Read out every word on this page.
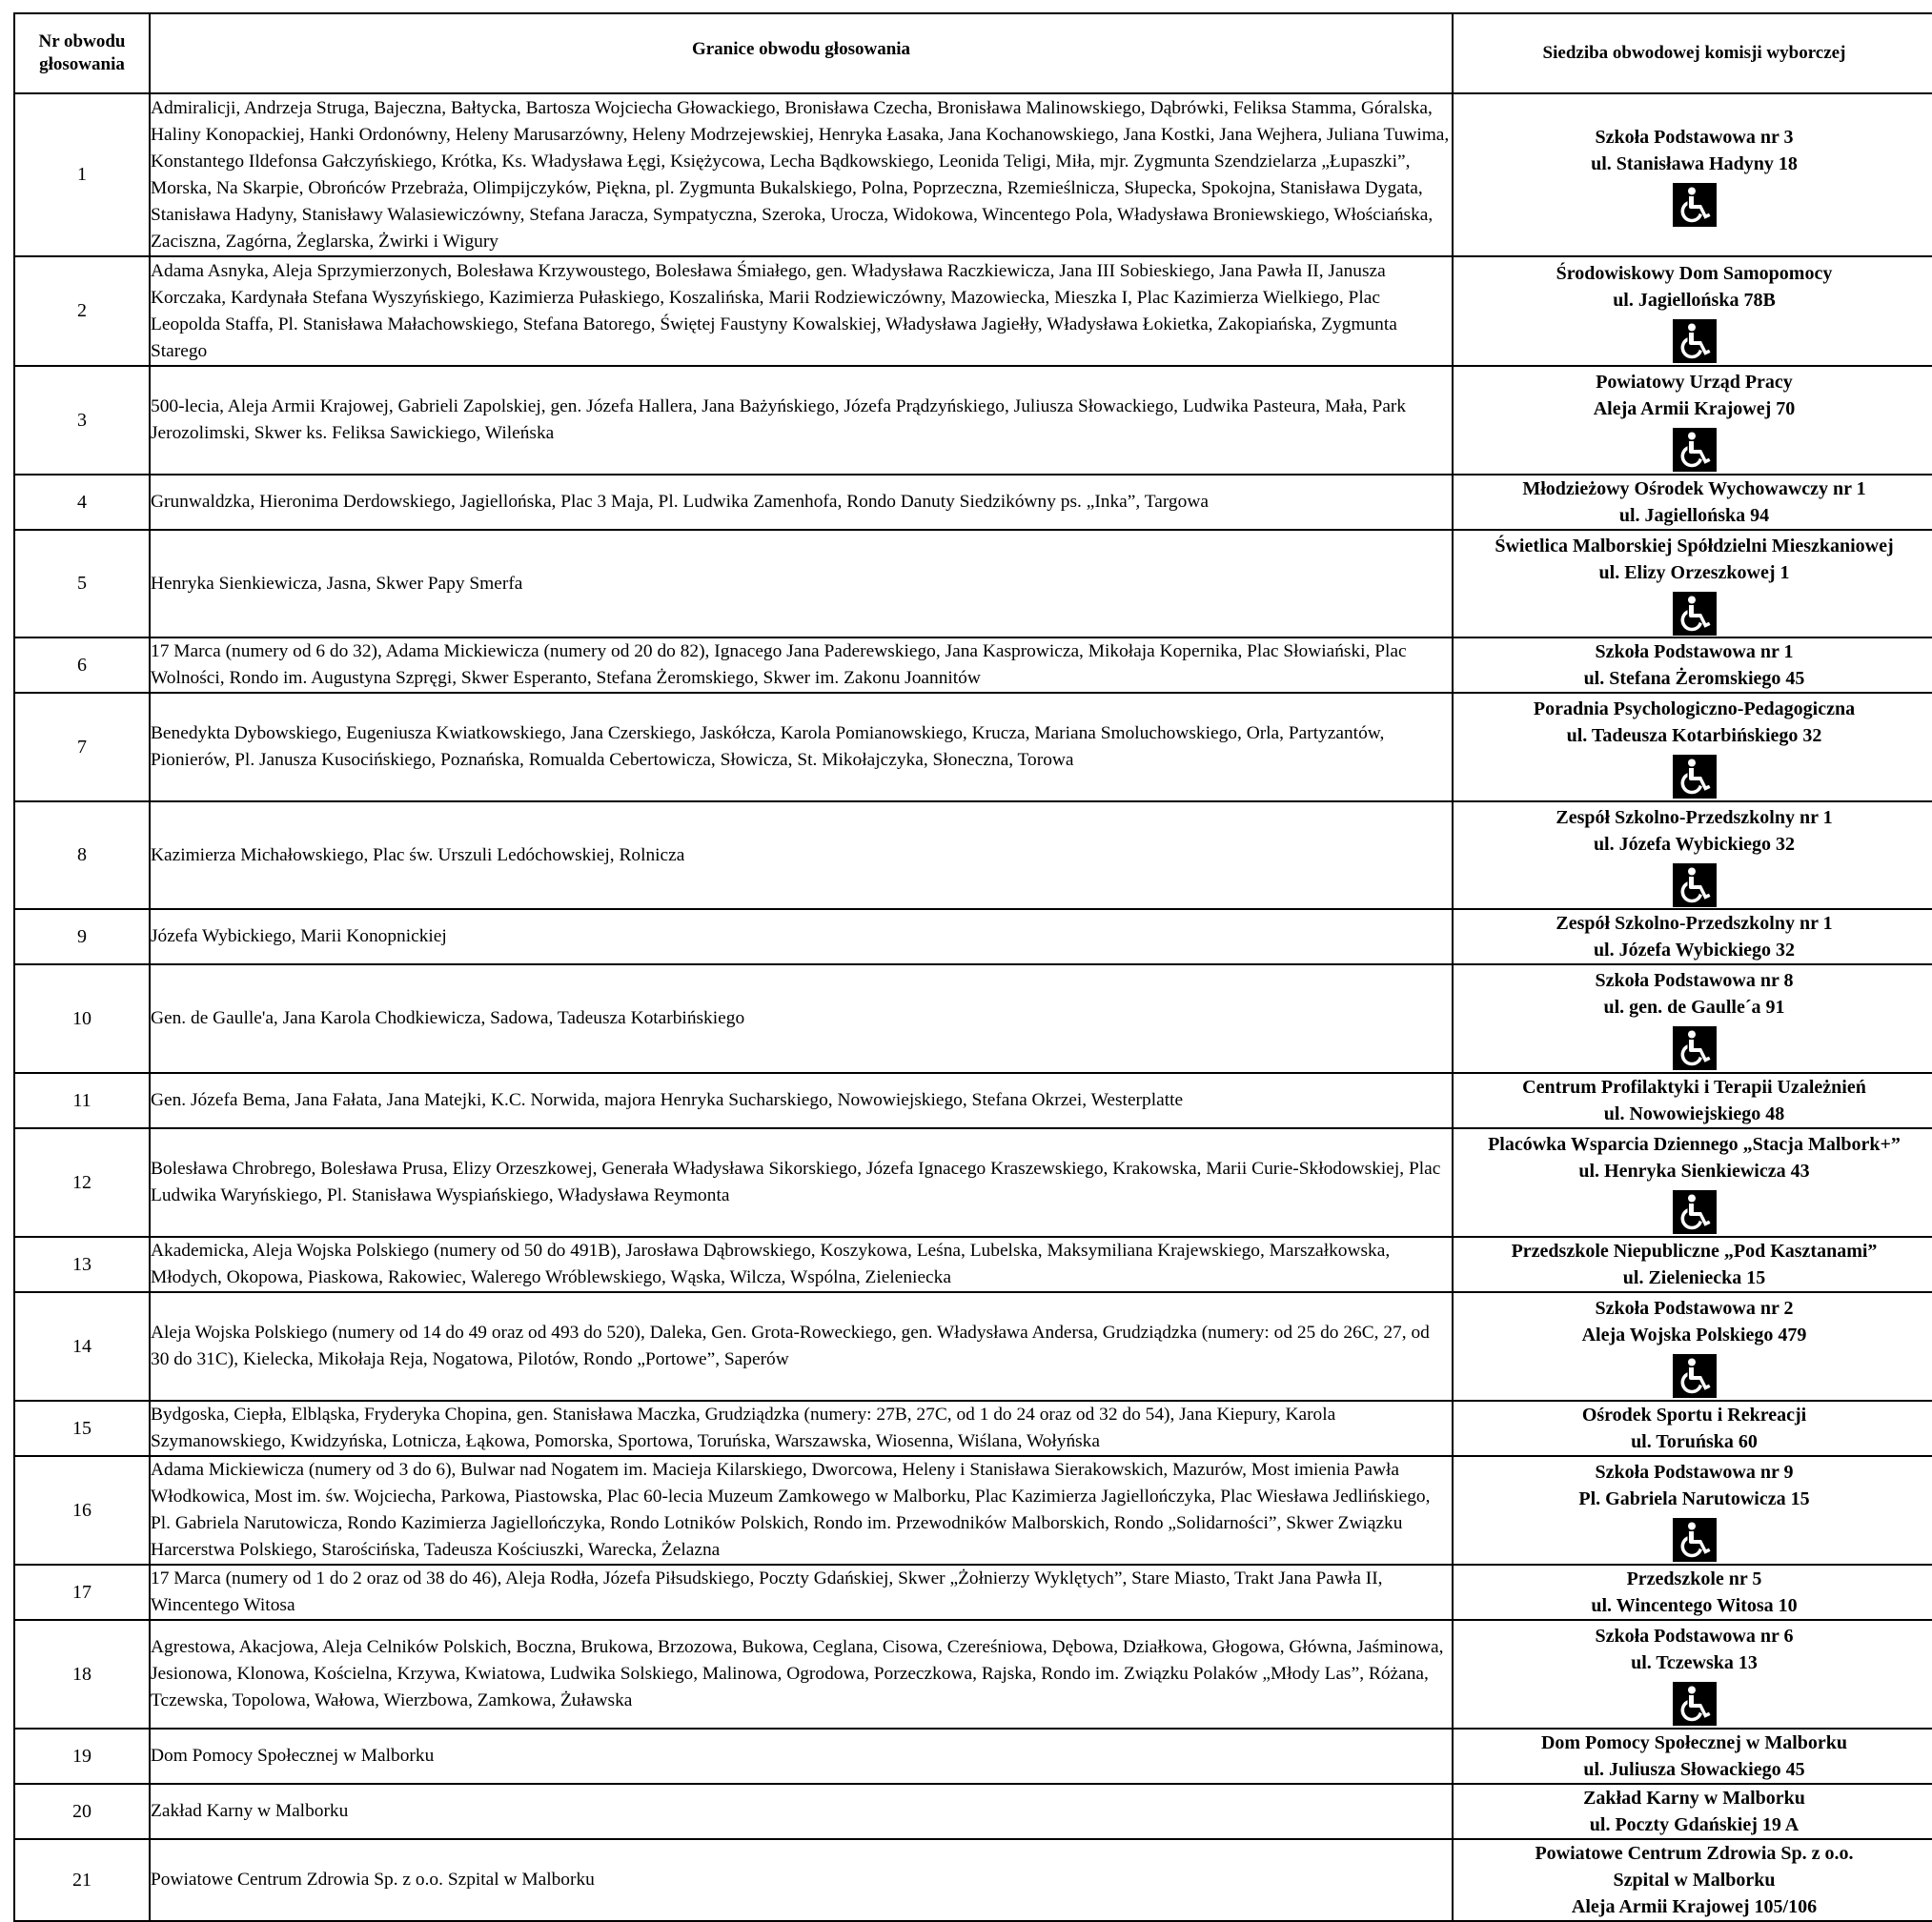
Nr obwodu głosowania	Granice obwodu głosowania	Siedziba obwodowej komisji wyborczej
1	Admiralicji, Andrzeja Struga, Bajeczna, Bałtycka, Bartosza Wojciecha Głowackiego, Bronisława Czecha, Bronisława Malinowskiego, Dąbrówki, Feliksa Stamma, Góralska, Haliny Konopackiej, Hanki Ordonówny, Heleny Marusarzówny, Heleny Modrzejewskiej, Henryka Łasaka, Jana Kochanowskiego, Jana Kostki, Jana Wejhera, Juliana Tuwima, Konstantego Ildefonsa Gałczyńskiego, Krótka, Ks. Władysława Łęgi, Księżycowa, Lecha Bądkowskiego, Leonida Teligi, Miła, mjr. Zygmunta Szendzielarza „Łupaszki”, Morska, Na Skarpie, Obrońców Przebraża, Olimpijczyków, Piękna, pl. Zygmunta Bukalskiego, Polna, Poprzeczna, Rzemieślnicza, Słupecka, Spokojna, Stanisława Dygata, Stanisława Hadyny, Stanisławy Walasiewiczówny, Stefana Jaracza, Sympatyczna, Szeroka, Urocza, Widokowa, Wincentego Pola, Władysława Broniewskiego, Włościańska, Zaciszna, Zagórna, Żeglarska, Żwirki i Wigury	Szkoła Podstawowa nr 3
ul. Stanisława Hadyny 18

2	Adama Asnyka, Aleja Sprzymierzonych, Bolesława Krzywoustego, Bolesława Śmiałego, gen. Władysława Raczkiewicza, Jana III Sobieskiego, Jana Pawła II, Janusza Korczaka, Kardynała Stefana Wyszyńskiego, Kazimierza Pułaskiego, Koszalińska, Marii Rodziewiczówny, Mazowiecka, Mieszka I, Plac Kazimierza Wielkiego, Plac Leopolda Staffa, Pl. Stanisława Małachowskiego, Stefana Batorego, Świętej Faustyny Kowalskiej, Władysława Jagiełły, Władysława Łokietka, Zakopiańska, Zygmunta Starego	Środowiskowy Dom Samopomocy
ul. Jagiellońska 78B

3	500-lecia, Aleja Armii Krajowej, Gabrieli Zapolskiej, gen. Józefa Hallera, Jana Bażyńskiego, Józefa Prądzyńskiego, Juliusza Słowackiego, Ludwika Pasteura, Mała, Park Jerozolimski, Skwer ks. Feliksa Sawickiego, Wileńska	Powiatowy Urząd Pracy
Aleja Armii Krajowej 70

4	Grunwaldzka, Hieronima Derdowskiego, Jagiellońska, Plac 3 Maja, Pl. Ludwika Zamenhofa, Rondo Danuty Siedzikówny ps. „Inka”, Targowa	Młodzieżowy Ośrodek Wychowawczy nr 1
ul. Jagiellońska 94

5	Henryka Sienkiewicza, Jasna, Skwer Papy Smerfa	Świetlica Malborskiej Spółdzielni Mieszkaniowej
ul. Elizy Orzeszkowej 1

6	17 Marca (numery od 6 do 32), Adama Mickiewicza (numery od 20 do 82), Ignacego Jana Paderewskiego, Jana Kasprowicza, Mikołaja Kopernika, Plac Słowiański, Plac Wolności, Rondo im. Augustyna Szpręgi, Skwer Esperanto, Stefana Żeromskiego, Skwer im. Zakonu Joannitów	Szkoła Podstawowa nr 1
ul. Stefana Żeromskiego 45

7	Benedykta Dybowskiego, Eugeniusza Kwiatkowskiego, Jana Czerskiego, Jaskółcza, Karola Pomianowskiego, Krucza, Mariana Smoluchowskiego, Orla, Partyzantów, Pionierów, Pl. Janusza Kusocińskiego, Poznańska, Romualda Cebertowicza, Słowicza, St. Mikołajczyka, Słoneczna, Torowa	Poradnia Psychologiczno-Pedagogiczna
ul. Tadeusza Kotarbińskiego 32

8	Kazimierza Michałowskiego, Plac św. Urszuli Ledóchowskiej, Rolnicza	Zespół Szkolno-Przedszkolny nr 1
ul. Józefa Wybickiego 32

9	Józefa Wybickiego, Marii Konopnickiej	Zespół Szkolno-Przedszkolny nr 1
ul. Józefa Wybickiego 32

10	Gen. de Gaulle'a, Jana Karola Chodkiewicza, Sadowa, Tadeusza Kotarbińskiego	Szkoła Podstawowa nr 8
ul. gen. de Gaulle´a 91

11	Gen. Józefa Bema, Jana Fałata, Jana Matejki, K.C. Norwida, majora Henryka Sucharskiego, Nowowiejskiego, Stefana Okrzei, Westerplatte	Centrum Profilaktyki i Terapii Uzależnień
ul. Nowowiejskiego 48

12	Bolesława Chrobrego, Bolesława Prusa, Elizy Orzeszkowej, Generała Władysława Sikorskiego, Józefa Ignacego Kraszewskiego, Krakowska, Marii Curie-Skłodowskiej, Plac Ludwika Waryńskiego, Pl. Stanisława Wyspiańskiego, Władysława Reymonta	Placówka Wsparcia Dziennego „Stacja Malbork+”
ul. Henryka Sienkiewicza 43

13	Akademicka, Aleja Wojska Polskiego (numery od 50 do 491B), Jarosława Dąbrowskiego, Koszykowa, Leśna, Lubelska, Maksymiliana Krajewskiego, Marszałkowska, Młodych, Okopowa, Piaskowa, Rakowiec, Walerego Wróblewskiego, Wąska, Wilcza, Wspólna, Zieleniecka	Przedszkole Niepubliczne „Pod Kasztanami”
ul. Zieleniecka 15

14	Aleja Wojska Polskiego (numery od 14 do 49 oraz od 493 do 520), Daleka, Gen. Grota-Roweckiego, gen. Władysława Andersa, Grudziądzka (numery: od 25 do 26C, 27, od 30 do 31C), Kielecka, Mikołaja Reja, Nogatowa, Pilotów, Rondo „Portowe”, Saperów	Szkoła Podstawowa nr 2
Aleja Wojska Polskiego 479

15	Bydgoska, Ciepła, Elbląska, Fryderyka Chopina, gen. Stanisława Maczka, Grudziądzka (numery: 27B, 27C, od 1 do 24 oraz od 32 do 54), Jana Kiepury, Karola Szymanowskiego, Kwidzyńska, Lotnicza, Łąkowa, Pomorska, Sportowa, Toruńska, Warszawska, Wiosenna, Wiślana, Wołyńska	Ośrodek Sportu i Rekreacji
ul. Toruńska 60

16	Adama Mickiewicza (numery od 3 do 6), Bulwar nad Nogatem im. Macieja Kilarskiego, Dworcowa, Heleny i Stanisława Sierakowskich, Mazurów, Most imienia Pawła Włodkowica, Most im. św. Wojciecha, Parkowa, Piastowska, Plac 60-lecia Muzeum Zamkowego w Malborku, Plac Kazimierza Jagiellończyka, Plac Wiesława Jedlińskiego, Pl. Gabriela Narutowicza, Rondo Kazimierza Jagiellończyka, Rondo Lotników Polskich, Rondo im. Przewodników Malborskich, Rondo „Solidarności”, Skwer Związku Harcerstwa Polskiego, Starościńska, Tadeusza Kościuszki, Warecka, Żelazna	Szkoła Podstawowa nr 9
Pl. Gabriela Narutowicza 15

17	17 Marca (numery od 1 do 2 oraz od 38 do 46), Aleja Rodła, Józefa Piłsudskiego, Poczty Gdańskiej, Skwer „Żołnierzy Wyklętych”, Stare Miasto, Trakt Jana Pawła II, Wincentego Witosa	Przedszkole nr 5
ul. Wincentego Witosa 10

18	Agrestowa, Akacjowa, Aleja Celników Polskich, Boczna, Brukowa, Brzozowa, Bukowa, Ceglana, Cisowa, Czereśniowa, Dębowa, Działkowa, Głogowa, Główna, Jaśminowa, Jesionowa, Klonowa, Kościelna, Krzywa, Kwiatowa, Ludwika Solskiego, Malinowa, Ogrodowa, Porzeczkowa, Rajska, Rondo im. Związku Polaków „Młody Las”, Różana, Tczewska, Topolowa, Wałowa, Wierzbowa, Zamkowa, Żuławska	Szkoła Podstawowa nr 6
ul. Tczewska 13

19	Dom Pomocy Społecznej w Malborku	Dom Pomocy Społecznej w Malborku
ul. Juliusza Słowackiego 45

20	Zakład Karny w Malborku	Zakład Karny w Malborku
ul. Poczty Gdańskiej 19 A

21	Powiatowe Centrum Zdrowia Sp. z o.o. Szpital w Malborku	Powiatowe Centrum Zdrowia Sp. z o.o.
Szpital w Malborku
Aleja Armii Krajowej 105/106
